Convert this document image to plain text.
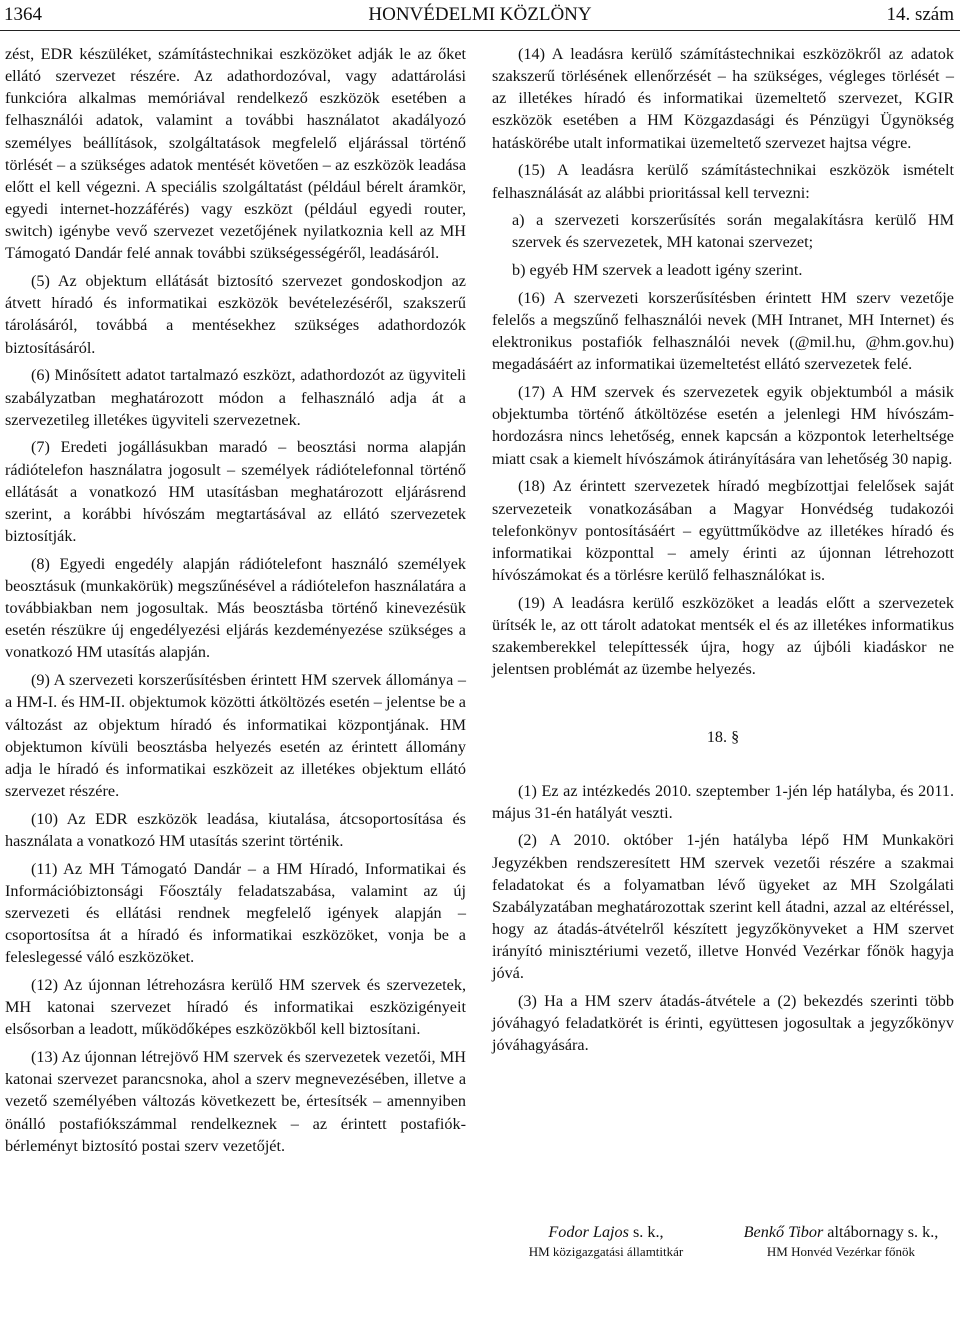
1364	HONVÉDELMI KÖZLÖNY	14. szám

zést, EDR készüléket, számítástechnikai eszközöket adják le az őket ellátó szervezet részére. Az adathordozóval, vagy adattárolási funkcióra alkalmas memóriával rendelkező eszközök esetében a felhasználói adatok, valamint a további használatot akadályozó személyes beállítások, szolgáltatások megfelelő eljárással történő törlését – a szükséges adatok mentését követően – az eszközök leadása előtt el kell végezni. A speciális szolgáltatást (például bérelt áramkör, egyedi internet-hozzáférés) vagy eszközt (például egyedi router, switch) igénybe vevő szervezet vezetőjének nyilatkoznia kell az MH Támogató Dandár felé annak további szükségességéről, leadásáról.

(5) Az objektum ellátását biztosító szervezet gondoskodjon az átvett híradó és informatikai eszközök bevételezéséről, szakszerű tárolásáról, továbbá a mentésekhez szükséges adathordozók biztosításáról.

(6) Minősített adatot tartalmazó eszközt, adathordozót az ügyviteli szabályzatban meghatározott módon a felhasználó adja át a szervezetileg illetékes ügyviteli szervezetnek.

(7) Eredeti jogállásukban maradó – beosztási norma alapján rádiótelefon használatra jogosult – személyek rádiótelefonnal történő ellátását a vonatkozó HM utasításban meghatározott eljárásrend szerint, a korábbi hívószám megtartásával az ellátó szervezetek biztosítják.

(8) Egyedi engedély alapján rádiótelefont használó személyek beosztásuk (munkakörük) megszűnésével a rádiótelefon használatára a továbbiakban nem jogosultak. Más beosztásba történő kinevezésük esetén részükre új engedélyezési eljárás kezdeményezése szükséges a vonatkozó HM utasítás alapján.

(9) A szervezeti korszerűsítésben érintett HM szervek állománya – a HM-I. és HM-II. objektumok közötti átköltözés esetén – jelentse be a változást az objektum híradó és informatikai központjának. HM objektumon kívüli beosztásba helyezés esetén az érintett állomány adja le híradó és informatikai eszközeit az illetékes objektum ellátó szervezet részére.

(10) Az EDR eszközök leadása, kiutalása, átcsoportosítása és használata a vonatkozó HM utasítás szerint történik.

(11) Az MH Támogató Dandár – a HM Híradó, Informatikai és Információbiztonsági Főosztály feladatszabása, valamint az új szervezeti és ellátási rendnek megfelelő igények alapján – csoportosítsa át a híradó és informatikai eszközöket, vonja be a feleslegessé váló eszközöket.

(12) Az újonnan létrehozásra kerülő HM szervek és szervezetek, MH katonai szervezet híradó és informatikai eszközigényeit elsősorban a leadott, működőképes eszközökből kell biztosítani.

(13) Az újonnan létrejövő HM szervek és szervezetek vezetői, MH katonai szervezet parancsnoka, ahol a szerv megnevezésében, illetve a vezető személyében változás következett be, értesítsék – amennyiben önálló postafiókszámmal rendelkeznek – az érintett postafiók-bérleményt biztosító postai szerv vezetőjét.

(14) A leadásra kerülő számítástechnikai eszközökről az adatok szakszerű törlésének ellenőrzését – ha szükséges, végleges törlését – az illetékes híradó és informatikai üzemeltető szervezet, KGIR eszközök esetében a HM Közgazdasági és Pénzügyi Ügynökség hatáskörébe utalt informatikai üzemeltető szervezet hajtsa végre.

(15) A leadásra kerülő számítástechnikai eszközök ismételt felhasználását az alábbi prioritással kell tervezni:

a) a szervezeti korszerűsítés során megalakításra kerülő HM szervek és szervezetek, MH katonai szervezet;

b) egyéb HM szervek a leadott igény szerint.

(16) A szervezeti korszerűsítésben érintett HM szerv vezetője felelős a megszűnő felhasználói nevek (MH Intranet, MH Internet) és elektronikus postafiók felhasználói nevek (@mil.hu, @hm.gov.hu) megadásáért az informatikai üzemeltetést ellátó szervezetek felé.

(17) A HM szervek és szervezetek egyik objektumból a másik objektumba történő átköltözése esetén a jelenlegi HM hívószám-hordozásra nincs lehetőség, ennek kapcsán a központok leterheltsége miatt csak a kiemelt hívószámok átirányítására van lehetőség 30 napig.

(18) Az érintett szervezetek híradó megbízottjai felelősek saját szervezeteik vonatkozásában a Magyar Honvédség tudakozói telefonkönyv pontosításáért – együttműködve az illetékes híradó és informatikai központtal – amely érinti az újonnan létrehozott hívószámokat és a törlésre kerülő felhasználókat is.

(19) A leadásra kerülő eszközöket a leadás előtt a szervezetek ürítsék le, az ott tárolt adatokat mentsék el és az illetékes informatikus szakemberekkel telepíttessék újra, hogy az újbóli kiadáskor ne jelentsen problémát az üzembe helyezés.

18. §

(1) Ez az intézkedés 2010. szeptember 1-jén lép hatályba, és 2011. május 31-én hatályát veszti.

(2) A 2010. október 1-jén hatályba lépő HM Munkaköri Jegyzékben rendszeresített HM szervek vezetői részére a szakmai feladatokat és a folyamatban lévő ügyeket az MH Szolgálati Szabályzatában meghatározottak szerint kell átadni, azzal az eltéréssel, hogy az átadás-átvételről készített jegyzőkönyveket a HM szervet irányító minisztériumi vezető, illetve Honvéd Vezérkar főnök hagyja jóvá.

(3) Ha a HM szerv átadás-átvétele a (2) bekezdés szerinti több jóváhagyó feladatkörét is érinti, együttesen jogosultak a jegyzőkönyv jóváhagyására.

Fodor Lajos s. k.,
HM közigazgatási államtitkár
Benkő Tibor altábornagy s. k.,
HM Honvéd Vezérkar főnök
